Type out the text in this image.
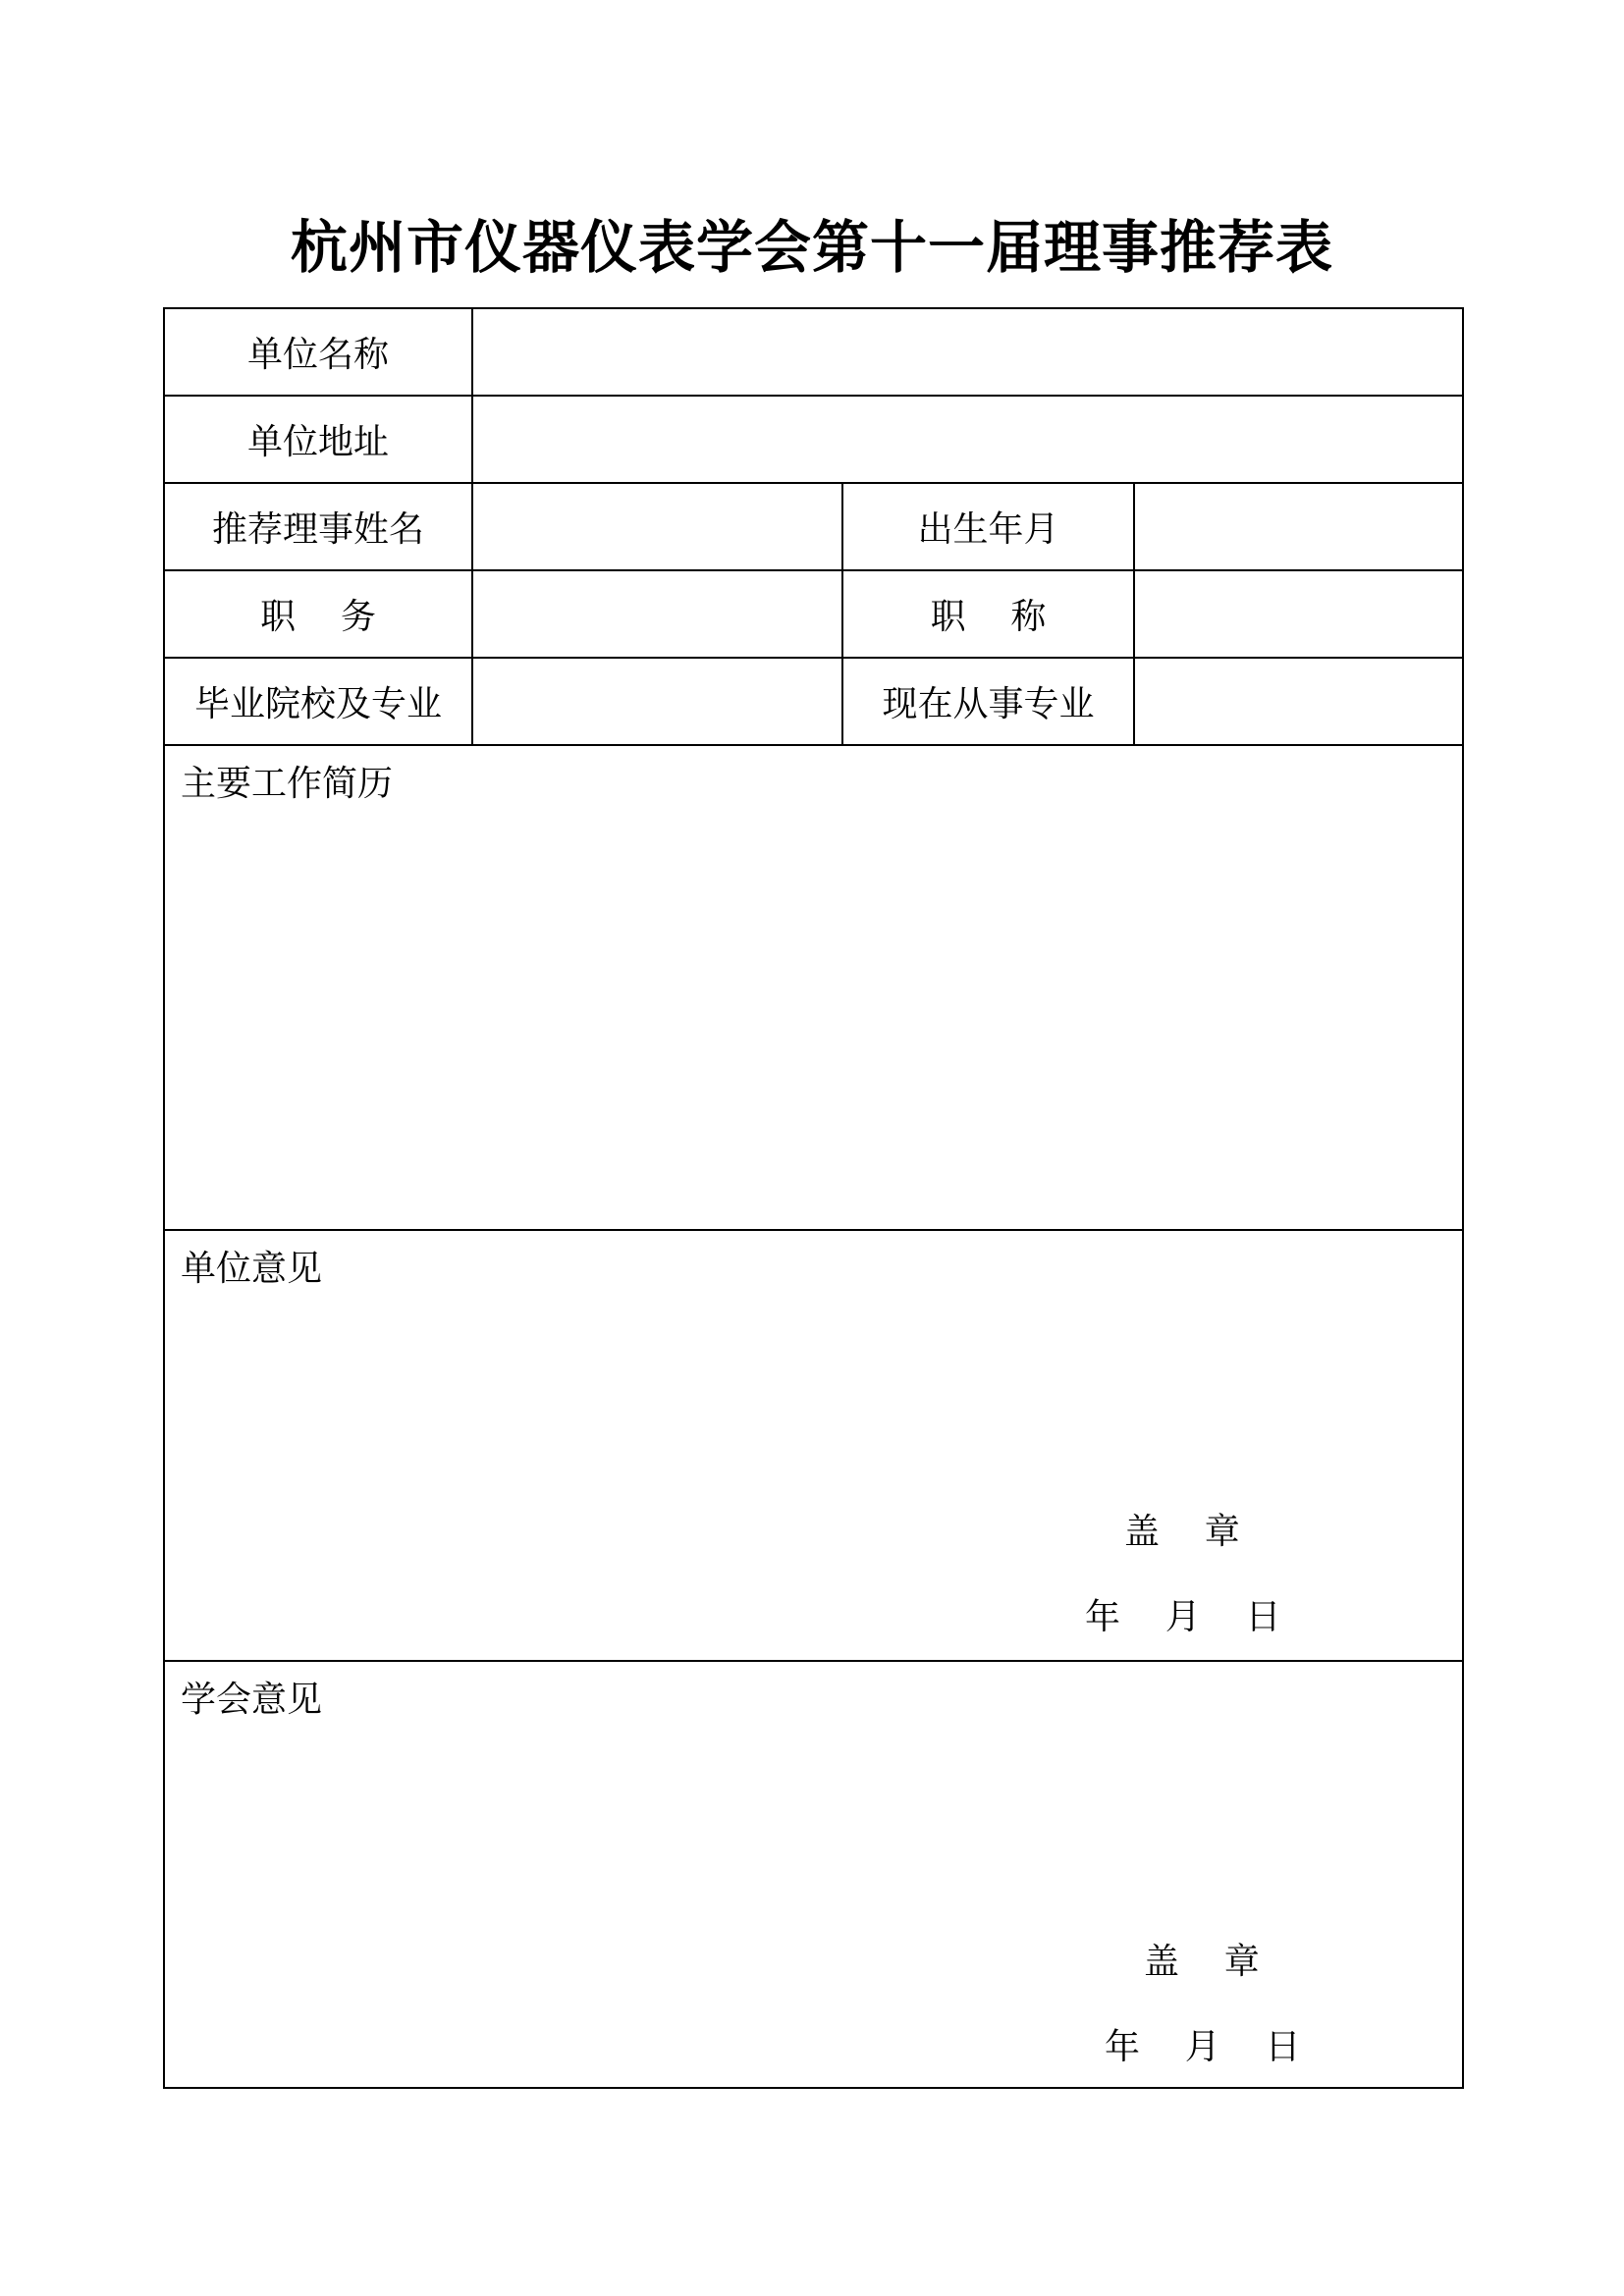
杭州市仪器仪表学会第十一届理事推荐表
单位名称
单位地址
推荐理事姓名	出生年月
职    务	职    称
毕业院校及专业	现在从事专业
主要工作简历
单位意见
盖    章
年    月    日
学会意见
盖    章
年    月    日
